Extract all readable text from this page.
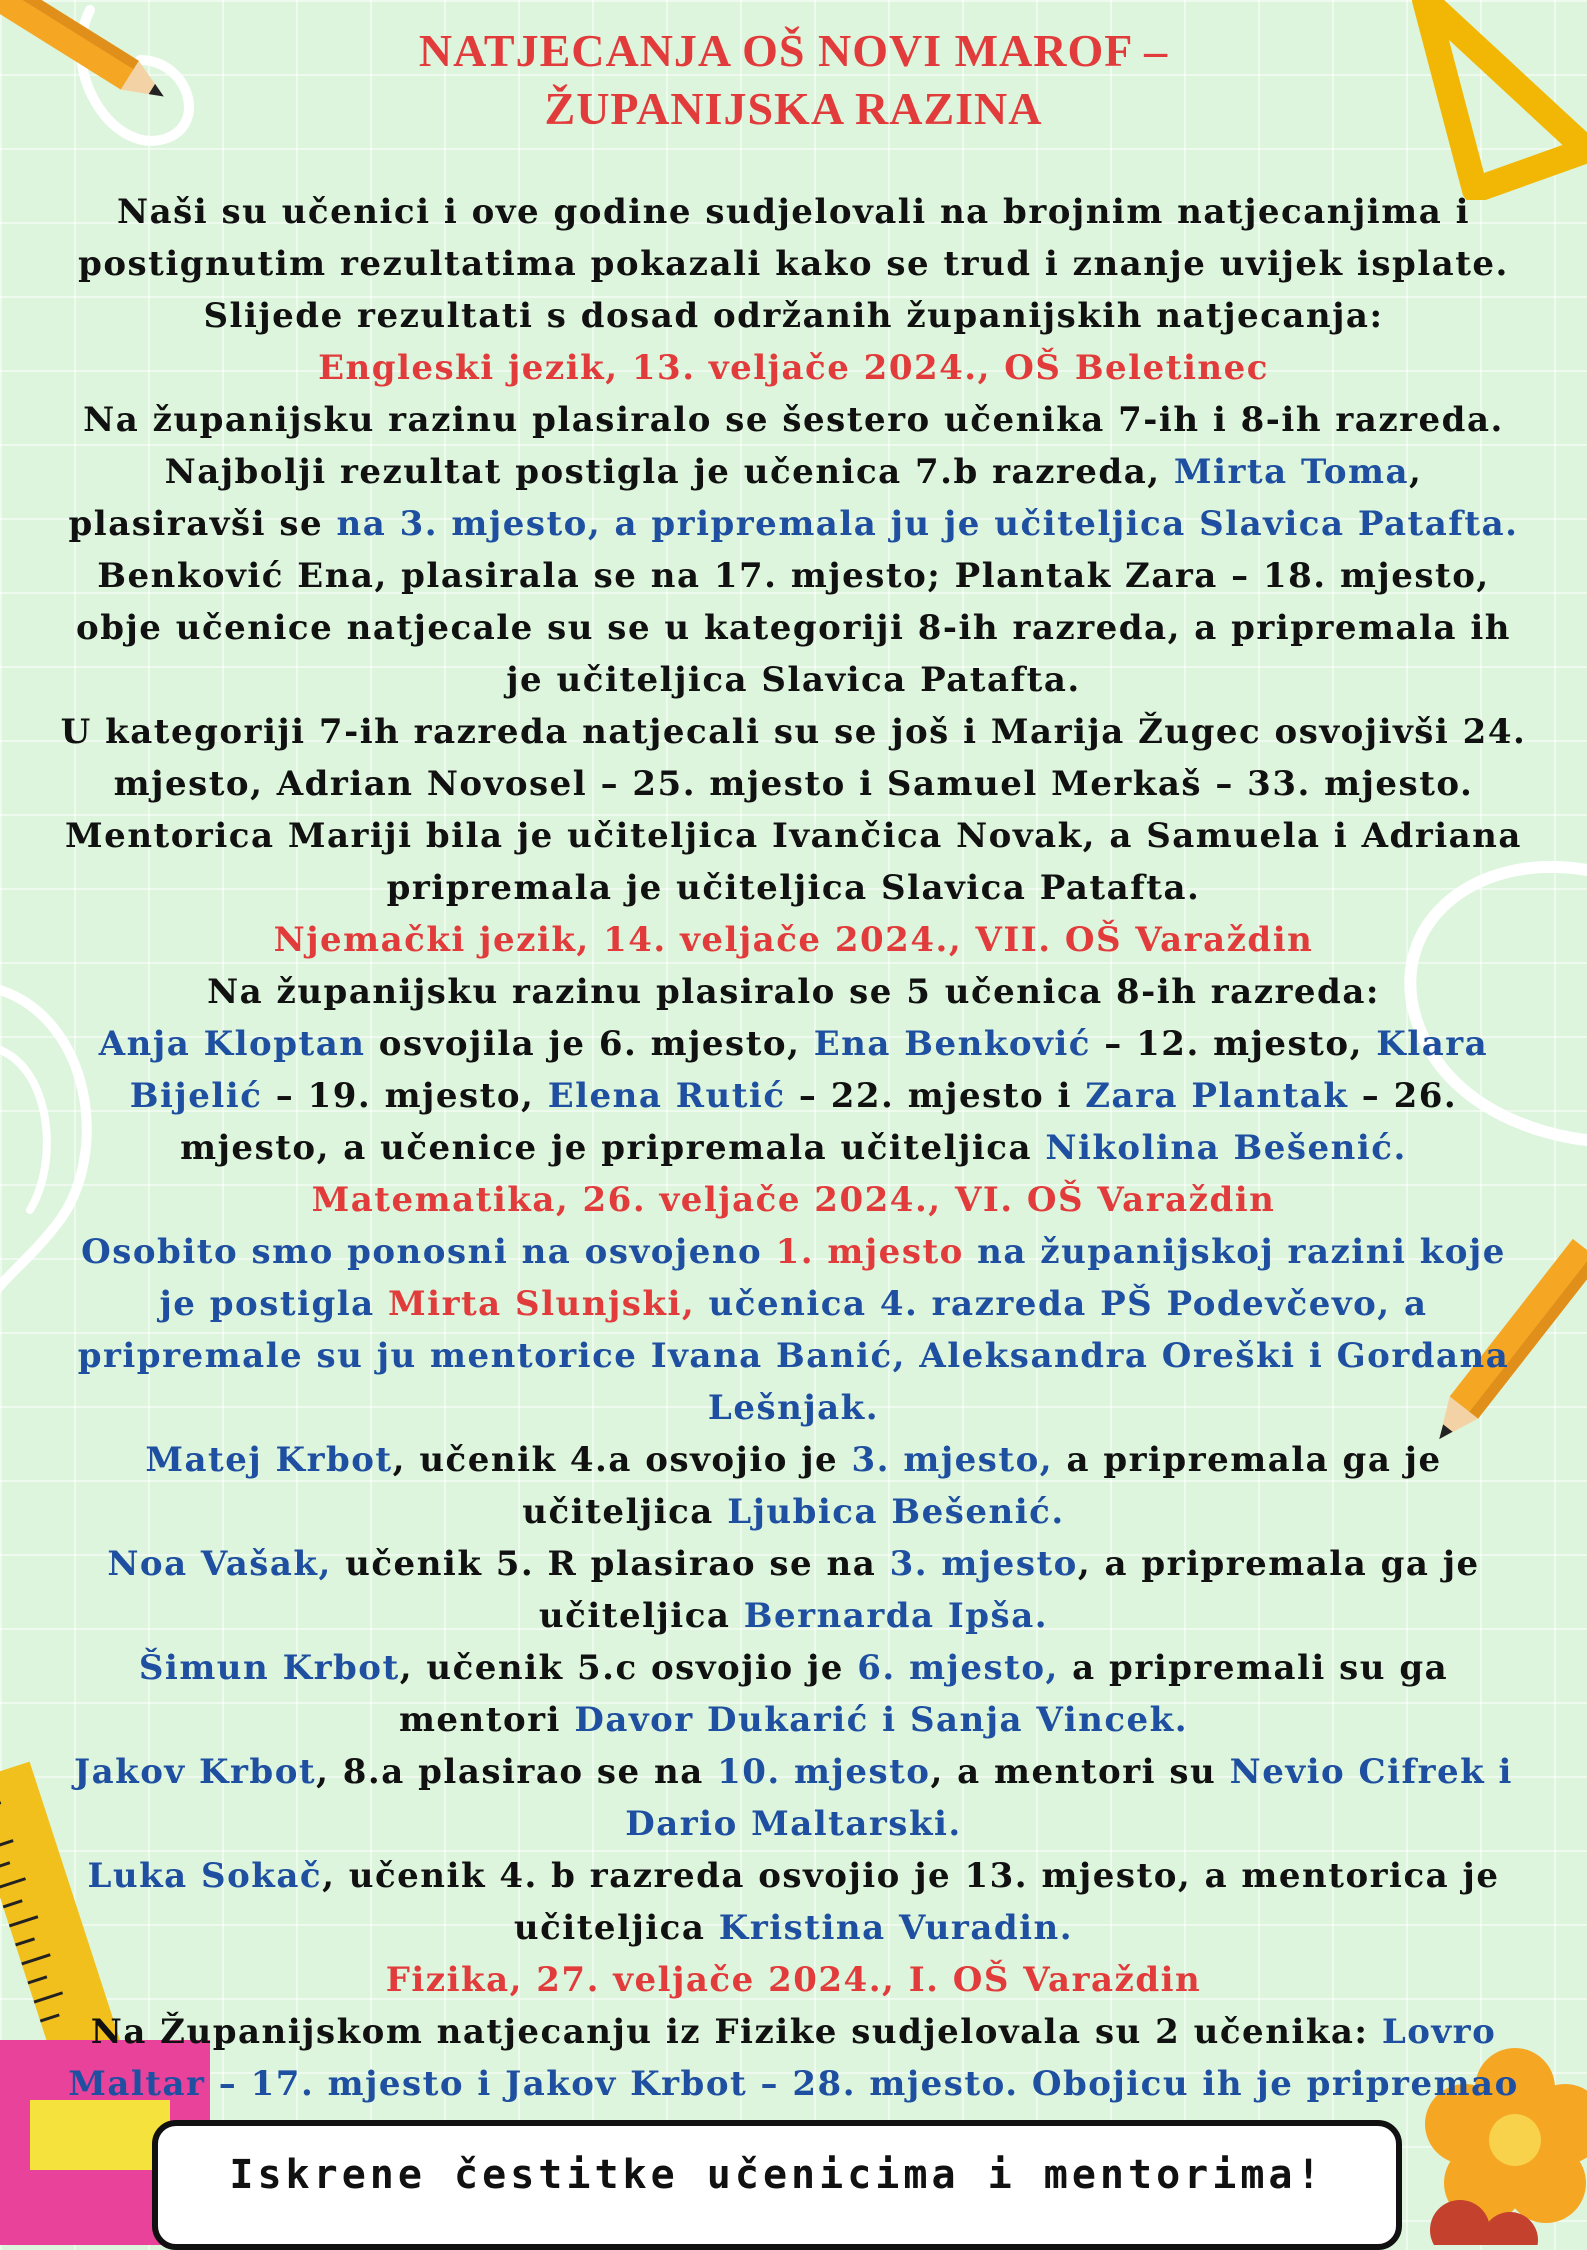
NATJECANJA OŠ NOVI MAROF –
ŽUPANIJSKA RAZINA

Naši su učenici i ove godine sudjelovali na brojnim natjecanjima i postignutim rezultatima pokazali kako se trud i znanje uvijek isplate.

Slijede rezultati s dosad održanih županijskih natjecanja:

Engleski jezik, 13. veljače 2024., OŠ Beletinec

Na županijsku razinu plasiralo se šestero učenika 7-ih i 8-ih razreda.

Najbolji rezultat postigla je učenica 7.b razreda, Mirta Toma, plasiravši se na 3. mjesto, a pripremala ju je učiteljica Slavica Patafta.

Benković Ena, plasirala se na 17. mjesto; Plantak Zara – 18. mjesto, obje učenice natjecale su se u kategoriji 8-ih razreda, a pripremala ih je učiteljica Slavica Patafta.

U kategoriji 7-ih razreda natjecali su se još i Marija Žugec osvojivši 24. mjesto, Adrian Novosel – 25. mjesto i Samuel Merkaš – 33. mjesto.

Mentorica Mariji bila je učiteljica Ivančica Novak, a Samuela i Adriana pripremala je učiteljica Slavica Patafta.

Njemački jezik, 14. veljače 2024., VII. OŠ Varaždin

Na županijsku razinu plasiralo se 5 učenica 8-ih razreda:

Anja Kloptan osvojila je 6. mjesto, Ena Benković – 12. mjesto, Klara Bijelić – 19. mjesto, Elena Rutić – 22. mjesto i Zara Plantak – 26. mjesto, a učenice je pripremala učiteljica Nikolina Bešenić.

Matematika, 26. veljače 2024., VI. OŠ Varaždin

Osobito smo ponosni na osvojeno 1. mjesto na županijskoj razini koje je postigla Mirta Slunjski, učenica 4. razreda PŠ Podevčevo, a pripremale su ju mentorice Ivana Banić, Aleksandra Oreški i Gordana Lešnjak.

Matej Krbot, učenik 4.a osvojio je 3. mjesto, a pripremala ga je učiteljica Ljubica Bešenić.

Noa Vašak, učenik 5. R plasirao se na 3. mjesto, a pripremala ga je učiteljica Bernarda Ipša.

Šimun Krbot, učenik 5.c osvojio je 6. mjesto, a pripremali su ga mentori Davor Dukarić i Sanja Vincek.

Jakov Krbot, 8.a plasirao se na 10. mjesto, a mentori su Nevio Cifrek i Dario Maltarski.

Luka Sokač, učenik 4. b razreda osvojio je 13. mjesto, a mentorica je učiteljica Kristina Vuradin.

Fizika, 27. veljače 2024., I. OŠ Varaždin

Na Županijskom natjecanju iz Fizike sudjelovala su 2 učenika: Lovro Maltar – 17. mjesto i Jakov Krbot – 28. mjesto. Obojicu ih je pripremao

Iskrene čestitke učenicima i mentorima!
